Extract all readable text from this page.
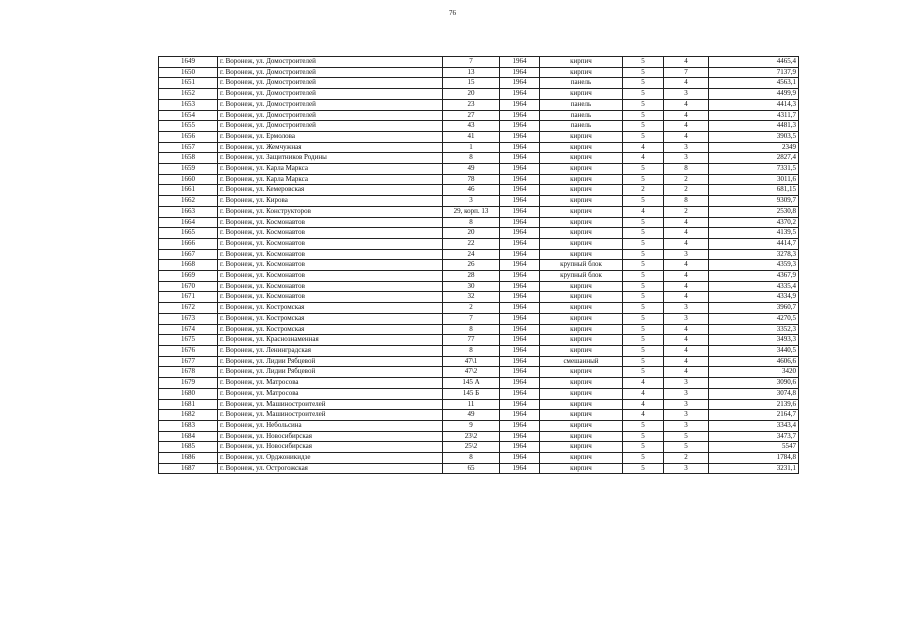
76
1649	г. Воронеж, ул. Домостроителей	7	1964	кирпич	5	4	4465,4
1650	г. Воронеж, ул. Домостроителей	13	1964	кирпич	5	7	7137,9
1651	г. Воронеж, ул. Домостроителей	15	1964	панель	5	4	4563,1
1652	г. Воронеж, ул. Домостроителей	20	1964	кирпич	5	3	4499,9
1653	г. Воронеж, ул. Домостроителей	23	1964	панель	5	4	4414,3
1654	г. Воронеж, ул. Домостроителей	27	1964	панель	5	4	4311,7
1655	г. Воронеж, ул. Домостроителей	43	1964	панель	5	4	4481,3
1656	г. Воронеж, ул. Ермолова	41	1964	кирпич	5	4	3903,5
1657	г. Воронеж, ул. Жемчужная	1	1964	кирпич	4	3	2349
1658	г. Воронеж, ул. Защитников Родины	8	1964	кирпич	4	3	2827,4
1659	г. Воронеж, ул. Карла Маркса	49	1964	кирпич	5	8	7331,5
1660	г. Воронеж, ул. Карла Маркса	78	1964	кирпич	5	2	3011,6
1661	г. Воронеж, ул. Кемеровская	46	1964	кирпич	2	2	681,15
1662	г. Воронеж, ул. Кирова	3	1964	кирпич	5	8	9309,7
1663	г. Воронеж, ул. Конструкторов	29, корп. 13	1964	кирпич	4	2	2530,8
1664	г. Воронеж, ул. Космонавтов	8	1964	кирпич	5	4	4370,2
1665	г. Воронеж, ул. Космонавтов	20	1964	кирпич	5	4	4139,5
1666	г. Воронеж, ул. Космонавтов	22	1964	кирпич	5	4	4414,7
1667	г. Воронеж, ул. Космонавтов	24	1964	кирпич	5	3	3278,3
1668	г. Воронеж, ул. Космонавтов	26	1964	крупный блок	5	4	4359,3
1669	г. Воронеж, ул. Космонавтов	28	1964	крупный блок	5	4	4367,9
1670	г. Воронеж, ул. Космонавтов	30	1964	кирпич	5	4	4335,4
1671	г. Воронеж, ул. Космонавтов	32	1964	кирпич	5	4	4334,9
1672	г. Воронеж, ул. Костромская	2	1964	кирпич	5	3	3960,7
1673	г. Воронеж, ул. Костромская	7	1964	кирпич	5	3	4270,5
1674	г. Воронеж, ул. Костромская	8	1964	кирпич	5	4	3352,3
1675	г. Воронеж, ул. Краснознаменная	77	1964	кирпич	5	4	3493,3
1676	г. Воронеж, ул. Ленинградская	8	1964	кирпич	5	4	3440,5
1677	г. Воронеж, ул. Лидии Рябцевой	47\1	1964	смешанный	5	4	4606,6
1678	г. Воронеж, ул. Лидии Рябцевой	47\2	1964	кирпич	5	4	3420
1679	г. Воронеж, ул. Матросова	145 А	1964	кирпич	4	3	3090,6
1680	г. Воронеж, ул. Матросова	145 Б	1964	кирпич	4	3	3074,8
1681	г. Воронеж, ул. Машиностроителей	11	1964	кирпич	4	3	2139,6
1682	г. Воронеж, ул. Машиностроителей	49	1964	кирпич	4	3	2164,7
1683	г. Воронеж, ул. Небольсина	9	1964	кирпич	5	3	3343,4
1684	г. Воронеж, ул. Новосибирская	23\2	1964	кирпич	5	5	3473,7
1685	г. Воронеж, ул. Новосибирская	25\2	1964	кирпич	5	5	5547
1686	г. Воронеж, ул. Орджоникидзе	8	1964	кирпич	5	2	1784,8
1687	г. Воронеж, ул. Острогожская	65	1964	кирпич	5	3	3231,1
